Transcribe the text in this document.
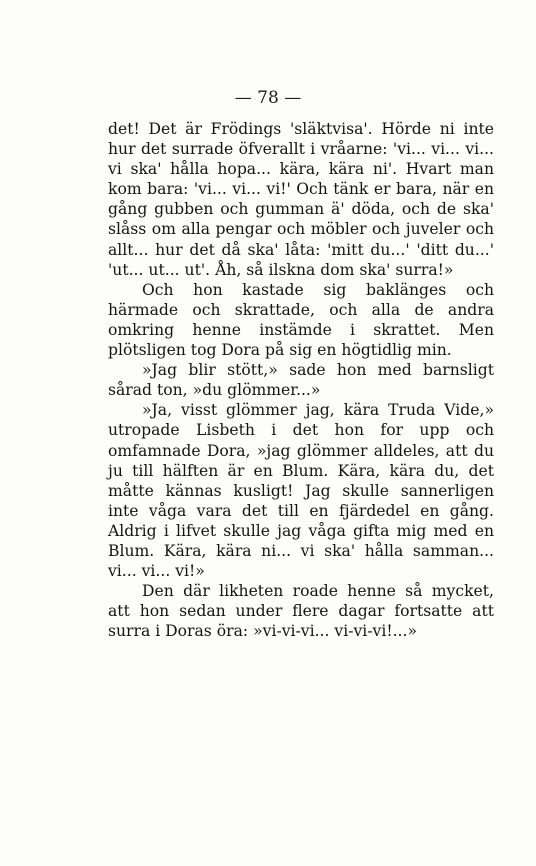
— 78 —

det! Det är Frödings 'släktvisa'. Hörde ni inte hur det surrade öfverallt i vråarne: 'vi... vi... vi... vi ska' hålla hopa... kära, kära ni'. Hvart man kom bara: 'vi... vi... vi!' Och tänk er bara, när en gång gubben och gumman ä' döda, och de ska' slåss om alla pengar och möbler och juveler och allt... hur det då ska' låta: 'mitt du...' 'ditt du...' 'ut... ut... ut'. Åh, så ilskna dom ska' surra!»

Och hon kastade sig baklänges och härmade och skrattade, och alla de andra omkring henne instämde i skrattet. Men plötsligen tog Dora på sig en högtidlig min.

»Jag blir stött,» sade hon med barnsligt sårad ton, »du glömmer...»

»Ja, visst glömmer jag, kära Truda Vide,» utropade Lisbeth i det hon for upp och omfamnade Dora, »jag glömmer alldeles, att du ju till hälften är en Blum. Kära, kära du, det måtte kännas kusligt! Jag skulle sannerligen inte våga vara det till en fjärdedel en gång. Aldrig i lifvet skulle jag våga gifta mig med en Blum. Kära, kära ni... vi ska' hålla samman... vi... vi... vi!»

Den där likheten roade henne så mycket, att hon sedan under flere dagar fortsatte att surra i Doras öra: »vi-vi-vi... vi-vi-vi!...»
